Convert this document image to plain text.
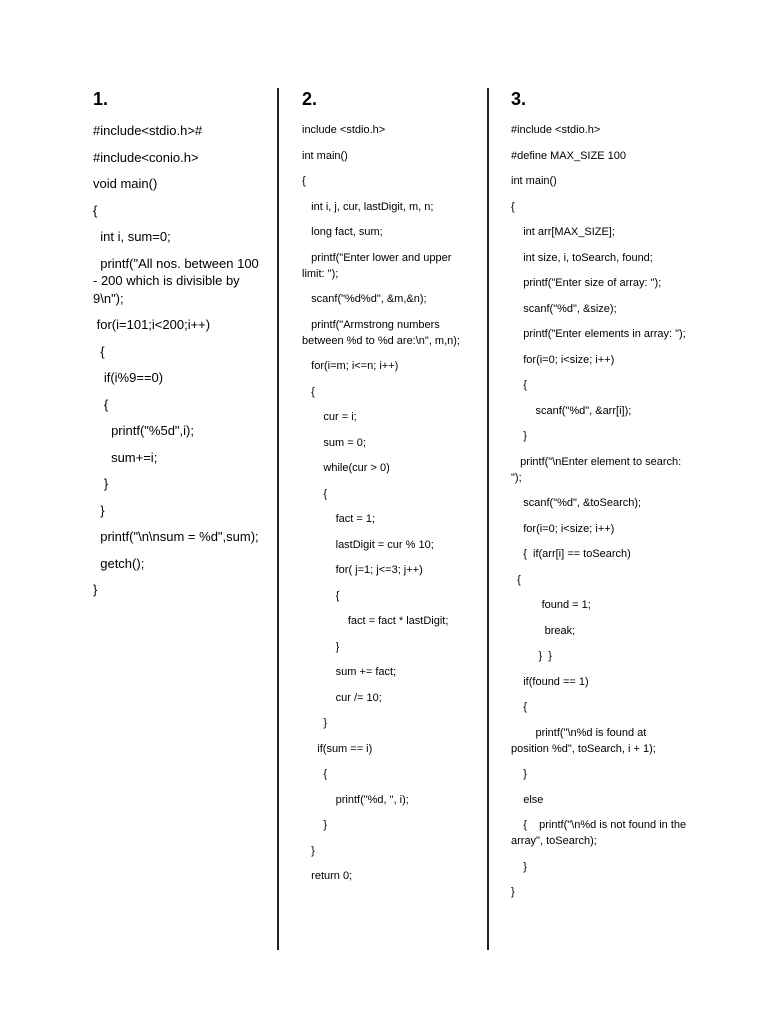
1.
#include<stdio.h>#
#include<conio.h>
void main()
{
int i, sum=0;
printf("All nos. between 100 - 200 which is divisible by 9\n");
for(i=101;i<200;i++)
{
if(i%9==0)
{
printf("%5d",i);
sum+=i;
}
}
printf("\n\nsum = %d",sum);
getch();
}
2.
include <stdio.h>
int main()
{
int i, j, cur, lastDigit, m, n;
long fact, sum;
printf("Enter lower and upper limit: ");
scanf("%d%d", &m,&n);
printf("Armstrong numbers between %d to %d are:\n", m,n);
for(i=m; i<=n; i++)
{
cur = i;
sum = 0;
while(cur > 0)
{
fact = 1;
lastDigit = cur % 10;
for( j=1; j<=3; j++)
{
fact = fact * lastDigit;
}
sum += fact;
cur /= 10;
}
if(sum == i)
{
printf("%d, ", i);
}
}
return 0;
3.
#include <stdio.h>
#define MAX_SIZE 100
int main()
{
int arr[MAX_SIZE];
int size, i, toSearch, found;
printf("Enter size of array: ");
scanf("%d", &size);
printf("Enter elements in array: ");
for(i=0; i<size; i++)
{
scanf("%d", &arr[i]);
}
printf("\nEnter element to search: ");
scanf("%d", &toSearch);
for(i=0; i<size; i++)
{  if(arr[i] == toSearch)
{
found = 1;
break;
}  }
if(found == 1)
{
printf("\n%d is found at position %d", toSearch, i + 1);
}
else
{    printf("\n%d is not found in the array", toSearch);
}
}
